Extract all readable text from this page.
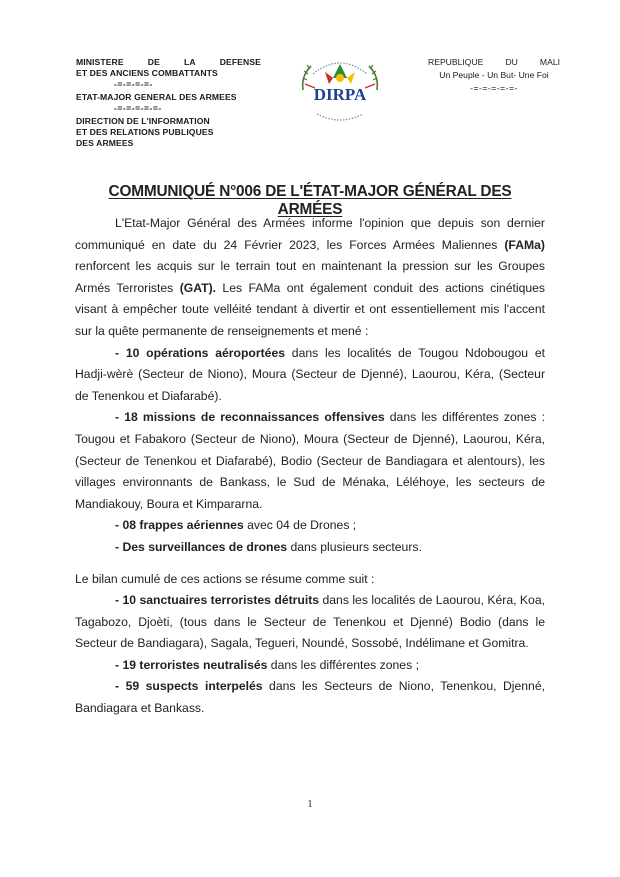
MINISTERE	DE	LA	DEFENSE
ET DES ANCIENS COMBATTANTS
-=-=-=-=-
ETAT-MAJOR GENERAL DES ARMEES
-=-=-=-=-=-
DIRECTION DE L'INFORMATION
ET DES RELATIONS PUBLIQUES
DES ARMEES
DIRPA
REPUBLIQUE	DU	MALI
Un Peuple - Un But- Une Foi
-=-=-=-=-=-
COMMUNIQUÉ N°006 DE L'ÉTAT-MAJOR GÉNÉRAL DES ARMÉES

L'Etat-Major Général des Armées informe l'opinion que depuis son dernier communiqué en date du 24 Février 2023, les Forces Armées Maliennes (FAMa) renforcent les acquis sur le terrain tout en maintenant la pression sur les Groupes Armés Terroristes (GAT). Les FAMa ont également conduit des actions cinétiques visant à empêcher toute velléité tendant à divertir et ont essentiellement mis l'accent sur la quête permanente de renseignements et mené :

- 10 opérations aéroportées dans les localités de Tougou Ndobougou et Hadji-wèrè (Secteur de Niono), Moura (Secteur de Djenné), Laourou, Kéra, (Secteur de Tenenkou et Diafarabé).

- 18 missions de reconnaissances offensives dans les différentes zones : Tougou et Fabakoro (Secteur de Niono), Moura (Secteur de Djenné), Laourou, Kéra, (Secteur de Tenenkou et Diafarabé), Bodio (Secteur de Bandiagara et alentours), les villages environnants de Bankass, le Sud de Ménaka, Léléhoye, les secteurs de Mandiakouy, Boura et Kimpararna.

- 08 frappes aériennes avec 04 de Drones ;

- Des surveillances de drones dans plusieurs secteurs.

Le bilan cumulé de ces actions se résume comme suit :

- 10 sanctuaires terroristes détruits dans les localités de Laourou, Kéra, Koa, Tagabozo, Djoèti, (tous dans le Secteur de Tenenkou et Djenné) Bodio (dans le Secteur de Bandiagara), Sagala, Tegueri, Noundé, Sossobé, Indélimane et Gomitra.

- 19 terroristes neutralisés dans les différentes zones ;

- 59 suspects interpelés dans les Secteurs de Niono, Tenenkou, Djenné, Bandiagara et Bankass.

1
